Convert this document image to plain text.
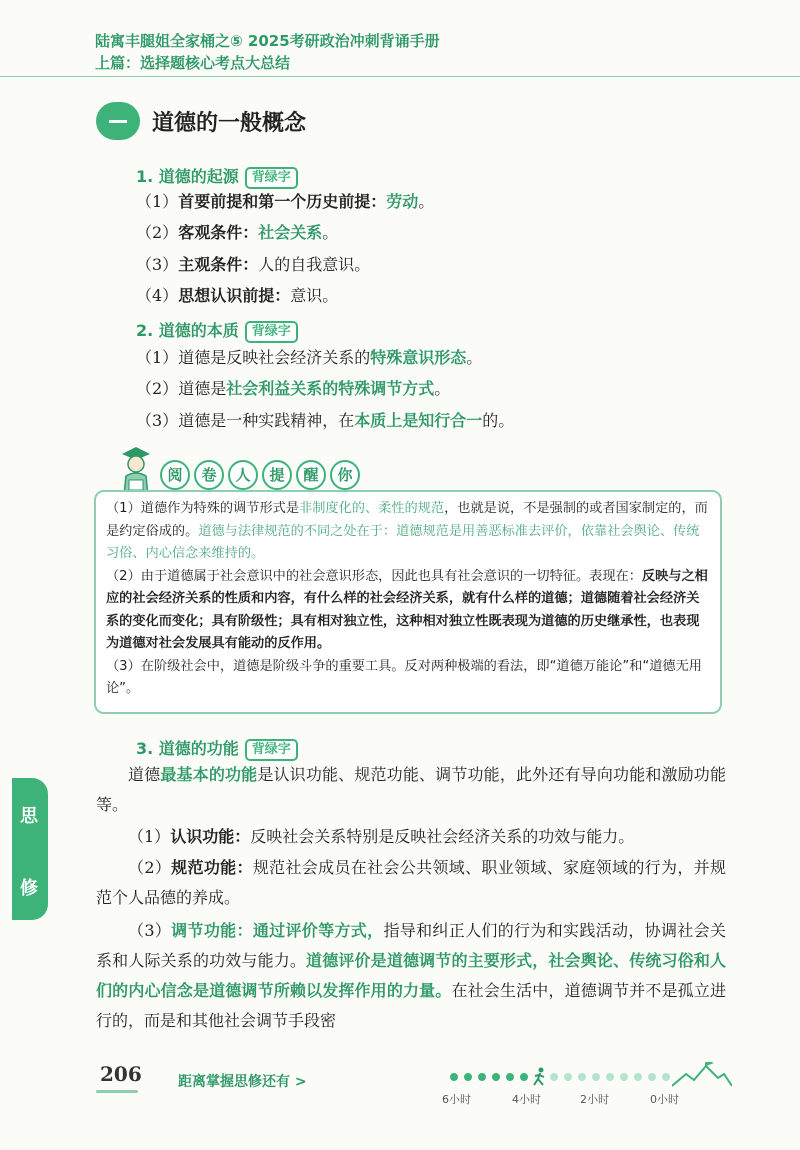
陆寓丰腿姐全家桶之⑤ 2025考研政治冲刺背诵手册
上篇：选择题核心考点大总结
道德的一般概念
1. 道德的起源 背绿字
（1）首要前提和第一个历史前提：劳动。
（2）客观条件：社会关系。
（3）主观条件：人的自我意识。
（4）思想认识前提：意识。
2. 道德的本质 背绿字
（1）道德是反映社会经济关系的特殊意识形态。
（2）道德是社会利益关系的特殊调节方式。
（3）道德是一种实践精神，在本质上是知行合一的。
阅	卷	人	提	醒	你

（1）道德作为特殊的调节形式是非制度化的、柔性的规范，也就是说，不是强制的或者国家制定的，而是约定俗成的。道德与法律规范的不同之处在于：道德规范是用善恶标准去评价，依靠社会舆论、传统习俗、内心信念来维持的。

（2）由于道德属于社会意识中的社会意识形态，因此也具有社会意识的一切特征。表现在：反映与之相应的社会经济关系的性质和内容，有什么样的社会经济关系，就有什么样的道德；道德随着社会经济关系的变化而变化；具有阶级性；具有相对独立性，这种相对独立性既表现为道德的历史继承性，也表现为道德对社会发展具有能动的反作用。

（3）在阶级社会中，道德是阶级斗争的重要工具。反对两种极端的看法，即“道德万能论”和“道德无用论”。

3. 道德的功能 背绿字
道德最基本的功能是认识功能、规范功能、调节功能，此外还有导向功能和激励功能等。
（1）认识功能：反映社会关系特别是反映社会经济关系的功效与能力。
（2）规范功能：规范社会成员在社会公共领域、职业领域、家庭领域的行为，并规范个人品德的养成。
（3）调节功能：通过评价等方式，指导和纠正人们的行为和实践活动，协调社会关系和人际关系的功效与能力。道德评价是道德调节的主要形式，社会舆论、传统习俗和人们的内心信念是道德调节所赖以发挥作用的力量。在社会生活中，道德调节并不是孤立进行的，而是和其他社会调节手段密
思
修
206	距离掌握思修还有 >
6小时	4小时	2小时	0小时
